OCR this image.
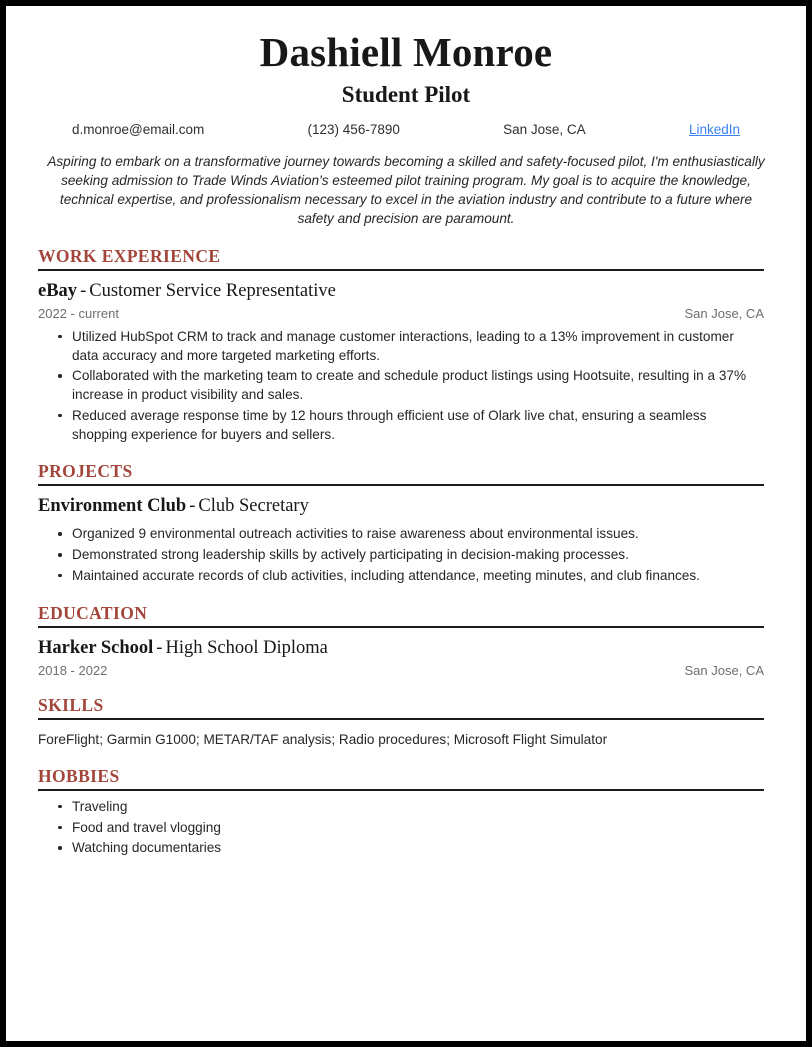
Dashiell Monroe
Student Pilot
d.monroe@email.com	(123) 456-7890	San Jose, CA	LinkedIn

Aspiring to embark on a transformative journey towards becoming a skilled and safety-focused pilot, I'm enthusiastically seeking admission to Trade Winds Aviation's esteemed pilot training program. My goal is to acquire the knowledge, technical expertise, and professionalism necessary to excel in the aviation industry and contribute to a future where safety and precision are paramount.

WORK EXPERIENCE
eBay - Customer Service Representative
2022 - current	San Jose, CA
Utilized HubSpot CRM to track and manage customer interactions, leading to a 13% improvement in customer data accuracy and more targeted marketing efforts.
Collaborated with the marketing team to create and schedule product listings using Hootsuite, resulting in a 37% increase in product visibility and sales.
Reduced average response time by 12 hours through efficient use of Olark live chat, ensuring a seamless shopping experience for buyers and sellers.
PROJECTS
Environment Club - Club Secretary
Organized 9 environmental outreach activities to raise awareness about environmental issues.
Demonstrated strong leadership skills by actively participating in decision-making processes.
Maintained accurate records of club activities, including attendance, meeting minutes, and club finances.
EDUCATION
Harker School - High School Diploma
2018 - 2022	San Jose, CA
SKILLS
ForeFlight; Garmin G1000; METAR/TAF analysis; Radio procedures; Microsoft Flight Simulator
HOBBIES
Traveling
Food and travel vlogging
Watching documentaries
